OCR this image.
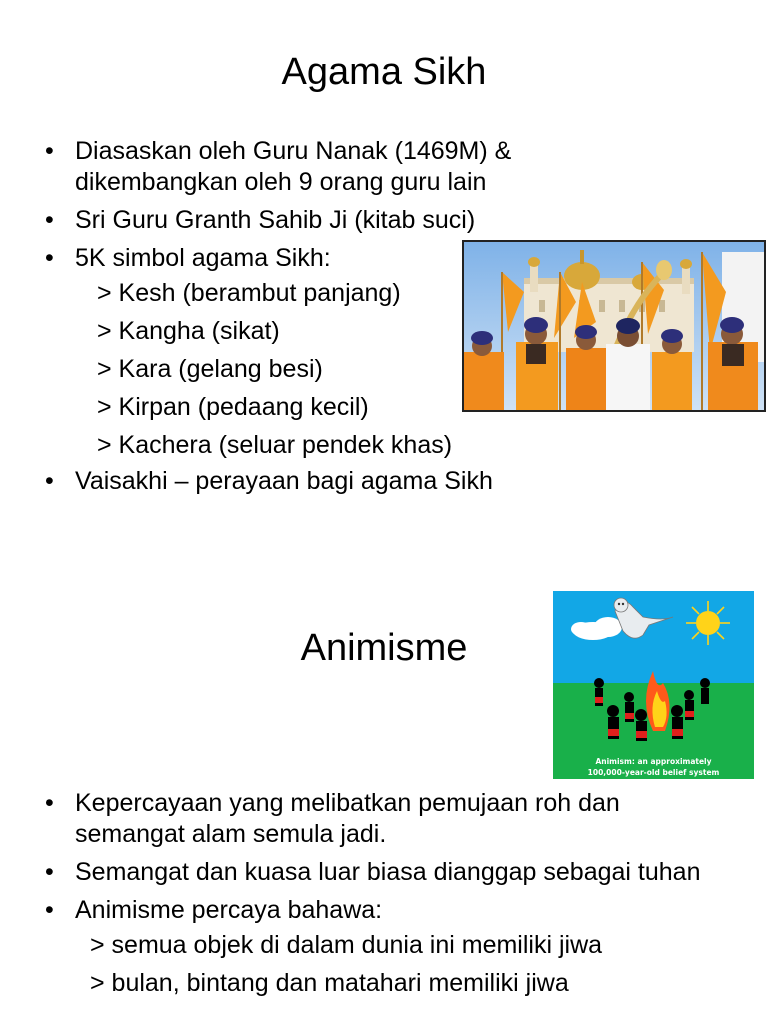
Agama Sikh
• Diasaskan oleh Guru Nanak (1469M) & dikembangkan oleh 9 orang guru lain
• Sri Guru Granth Sahib Ji (kitab suci)
• 5K simbol agama Sikh:
> Kesh (berambut panjang)
> Kangha (sikat)
> Kara (gelang besi)
> Kirpan (pedaang kecil)
> Kachera (seluar pendek khas)
• Vaisakhi – perayaan bagi agama Sikh
Animisme
• Kepercayaan yang melibatkan pemujaan roh dan semangat alam semula jadi.
• Semangat dan kuasa luar biasa dianggap sebagai tuhan
• Animisme percaya bahawa:
> semua objek di dalam dunia ini memiliki jiwa
> bulan, bintang dan matahari memiliki jiwa
Animism: an approximately
100,000-year-old belief system
